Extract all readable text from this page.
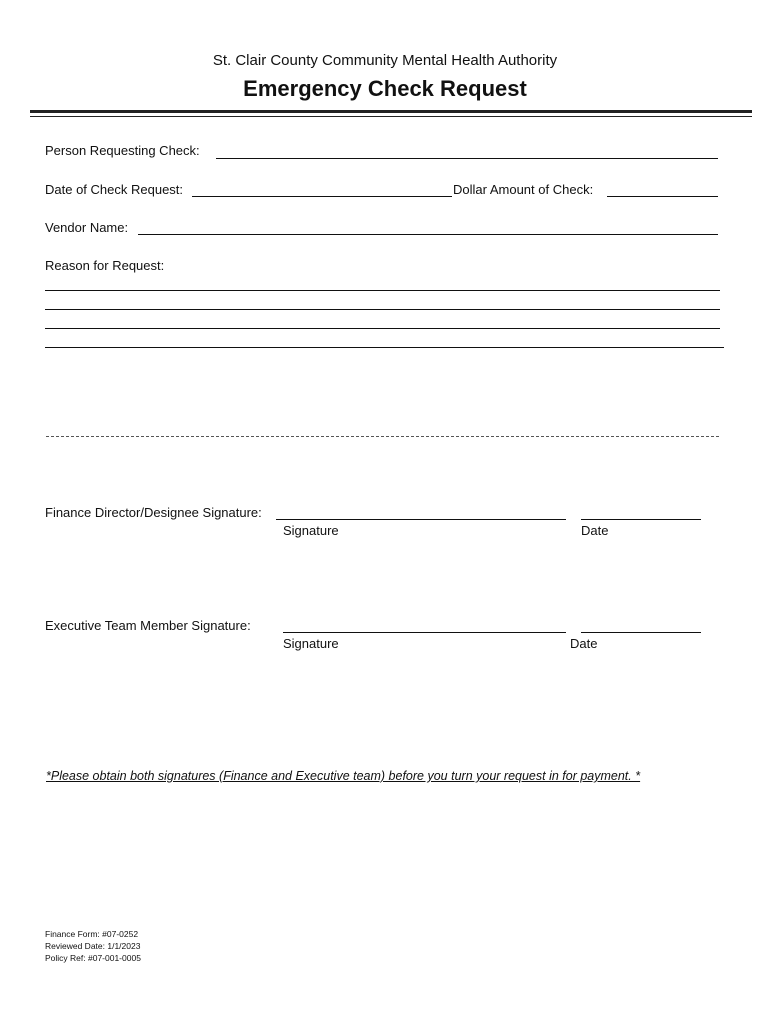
St. Clair County Community Mental Health Authority
Emergency Check Request
Person Requesting Check:
Date of Check Request:	Dollar Amount of Check:
Vendor Name:
Reason for Request:
Finance Director/Designee Signature:
Signature	Date
Executive Team Member Signature:
Signature	Date
*Please obtain both signatures (Finance and Executive team) before you turn your request in for payment. *
Finance Form: #07-0252
Reviewed Date: 1/1/2023
Policy Ref: #07-001-0005
